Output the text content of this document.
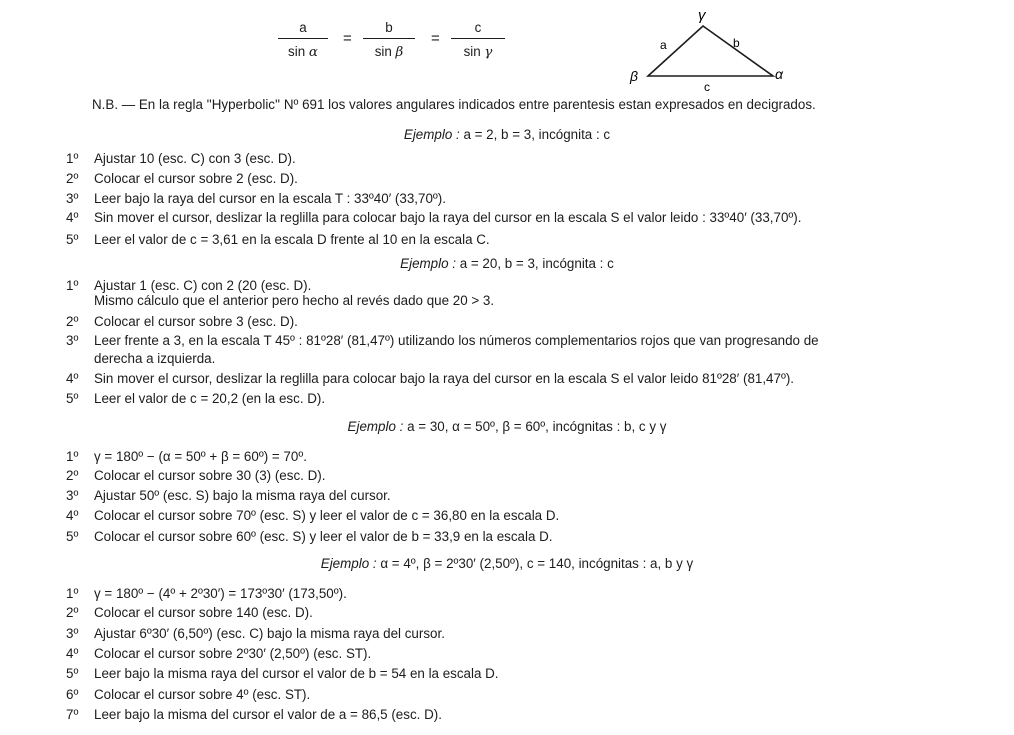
$\frac{a}{\text{sin α}} = \frac{b}{\text{sin β}} = \frac{c}{\text{sin γ}}$
γ
a	b
β	α
c
N.B. — En la regla ''Hyperbolic'' Nº 691 los valores angulares indicados entre parentesis estan expresados en decigrados.
Ejemplo : a = 2, b = 3, incógnita : c
1º Ajustar 10 (esc. C) con 3 (esc. D).
2º Colocar el cursor sobre 2 (esc. D).
3º Leer bajo la raya del cursor en la escala T : 33º40′ (33,70º).
4º Sin mover el cursor, deslizar la reglilla para colocar bajo la raya del cursor en la escala S el valor leido : 33º40′ (33,70º).
5º Leer el valor de c = 3,61 en la escala D frente al 10 en la escala C.
Ejemplo : a = 20, b = 3, incógnita : c
1º Ajustar 1 (esc. C) con 2 (20 (esc. D).
Mismo cálculo que el anterior pero hecho al revés dado que 20 > 3.
2º Colocar el cursor sobre 3 (esc. D).
3º Leer frente a 3, en la escala T 45º : 81º28′ (81,47º) utilizando los números complementarios rojos que van progresando de
derecha a izquierda.
4º Sin mover el cursor, deslizar la reglilla para colocar bajo la raya del cursor en la escala S el valor leido 81º28′ (81,47º).
5º Leer el valor de c = 20,2 (en la esc. D).
Ejemplo : a = 30, α = 50º, β = 60º, incógnitas : b, c y γ
1º γ = 180º − (α = 50º + β = 60º) = 70º.
2º Colocar el cursor sobre 30 (3) (esc. D).
3º Ajustar 50º (esc. S) bajo la misma raya del cursor.
4º Colocar el cursor sobre 70º (esc. S) y leer el valor de c = 36,80 en la escala D.
5º Colocar el cursor sobre 60º (esc. S) y leer el valor de b = 33,9 en la escala D.
Ejemplo : α = 4º, β = 2º30′ (2,50º), c = 140, incógnitas : a, b y γ
1º γ = 180º − (4º + 2º30′) = 173º30′ (173,50º).
2º Colocar el cursor sobre 140 (esc. D).
3º Ajustar 6º30′ (6,50º) (esc. C) bajo la misma raya del cursor.
4º Colocar el cursor sobre 2º30′ (2,50º) (esc. ST).
5º Leer bajo la misma raya del cursor el valor de b = 54 en la escala D.
6º Colocar el cursor sobre 4º (esc. ST).
7º Leer bajo la misma del cursor el valor de a = 86,5 (esc. D).
